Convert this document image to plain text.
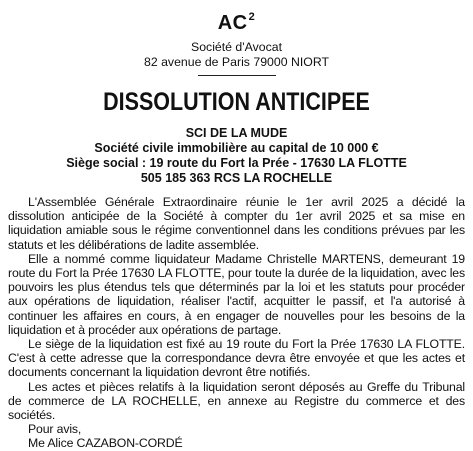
$AC^2$
Société d'Avocat
82 avenue de Paris 79000 NIORT
DISSOLUTION ANTICIPEE
SCI DE LA MUDE
Société civile immobilière au capital de 10 000 €
Siège social : 19 route du Fort la Prée - 17630 LA FLOTTE
505 185 363 RCS LA ROCHELLE

L'Assemblée Générale Extraordinaire réunie le 1er avril 2025 a décidé la dissolution anticipée de la Société à compter du 1er avril 2025 et sa mise en liquidation amiable sous le régime conventionnel dans les conditions prévues par les statuts et les délibérations de ladite assemblée.

Elle a nommé comme liquidateur Madame Christelle MARTENS, demeurant 19 route du Fort la Prée 17630 LA FLOTTE, pour toute la durée de la liquidation, avec les pouvoirs les plus étendus tels que déterminés par la loi et les statuts pour procéder aux opérations de liquidation, réaliser l'actif, acquitter le passif, et l'a autorisé à continuer les affaires en cours, à en engager de nouvelles pour les besoins de la liquidation et à procéder aux opérations de partage.

Le siège de la liquidation est fixé au 19 route du Fort la Prée 17630 LA FLOTTE. C'est à cette adresse que la correspondance devra être envoyée et que les actes et documents concernant la liquidation devront être notifiés.

Les actes et pièces relatifs à la liquidation seront déposés au Greffe du Tribunal de commerce de LA ROCHELLE, en annexe au Registre du commerce et des sociétés.

Pour avis,

Me Alice CAZABON-CORDÉ
